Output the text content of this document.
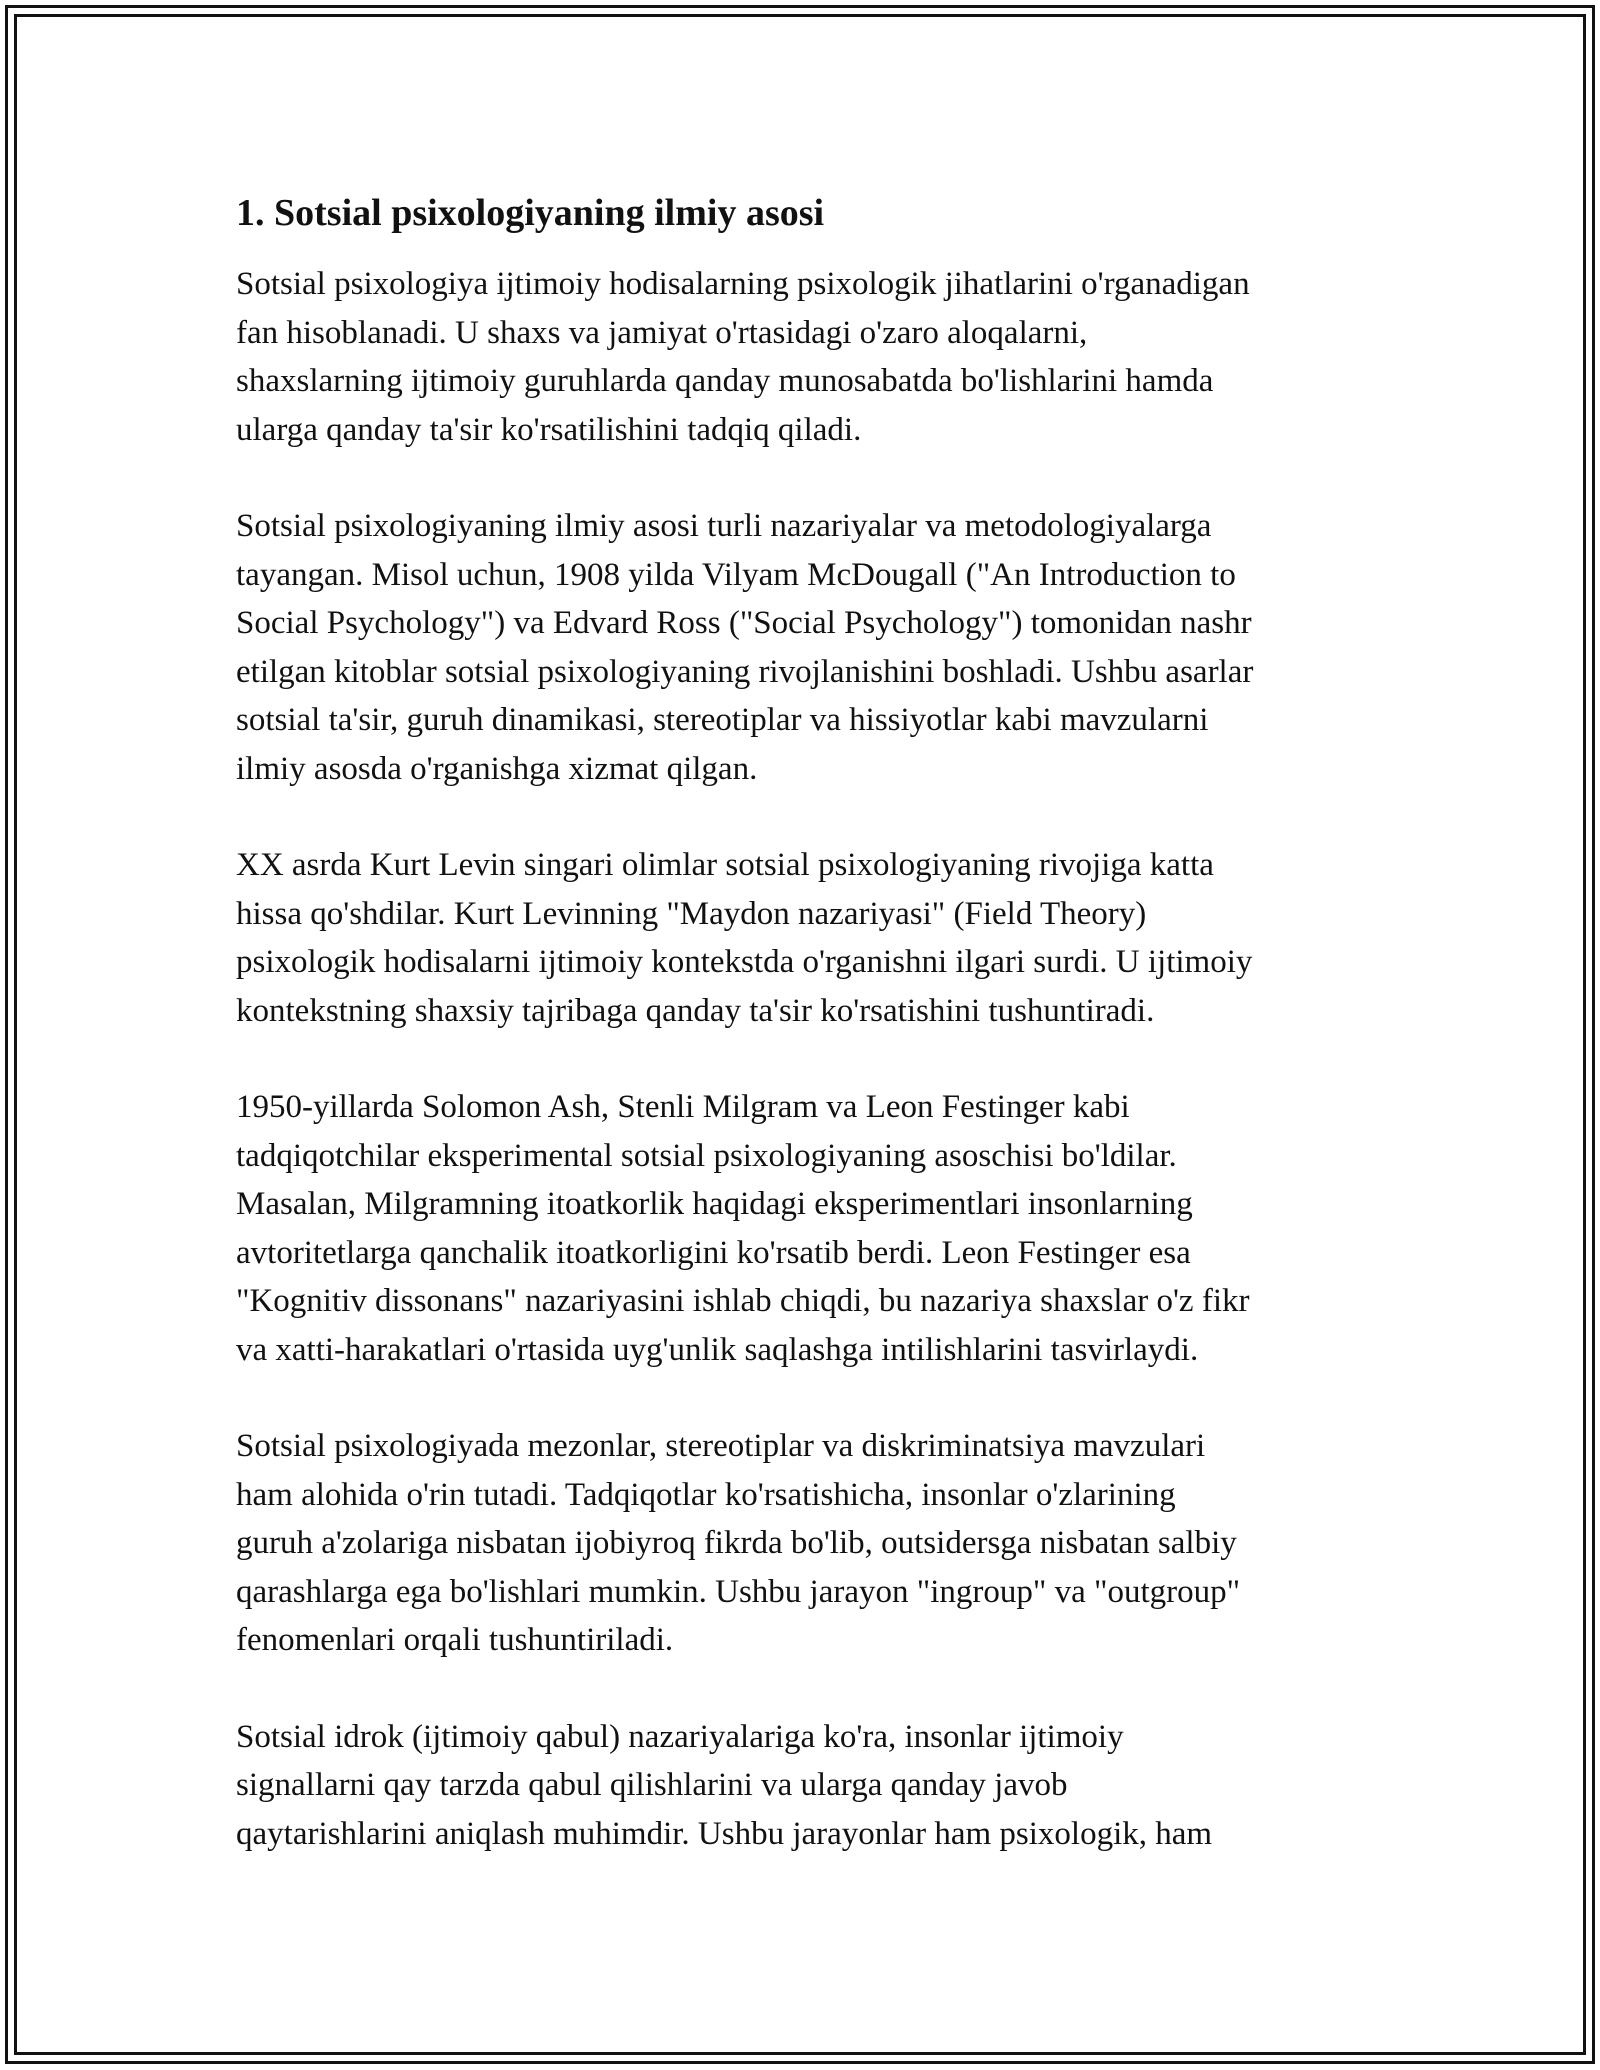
1. Sotsial psixologiyaning ilmiy asosi

Sotsial psixologiya ijtimoiy hodisalarning psixologik jihatlarini o'rganadigan
fan hisoblanadi. U shaxs va jamiyat o'rtasidagi o'zaro aloqalarni,
shaxslarning ijtimoiy guruhlarda qanday munosabatda bo'lishlarini hamda
ularga qanday ta'sir ko'rsatilishini tadqiq qiladi.

Sotsial psixologiyaning ilmiy asosi turli nazariyalar va metodologiyalarga
tayangan. Misol uchun, 1908 yilda Vilyam McDougall ("An Introduction to
Social Psychology") va Edvard Ross ("Social Psychology") tomonidan nashr
etilgan kitoblar sotsial psixologiyaning rivojlanishini boshladi. Ushbu asarlar
sotsial ta'sir, guruh dinamikasi, stereotiplar va hissiyotlar kabi mavzularni
ilmiy asosda o'rganishga xizmat qilgan.

XX asrda Kurt Levin singari olimlar sotsial psixologiyaning rivojiga katta
hissa qo'shdilar. Kurt Levinning "Maydon nazariyasi" (Field Theory)
psixologik hodisalarni ijtimoiy kontekstda o'rganishni ilgari surdi. U ijtimoiy
kontekstning shaxsiy tajribaga qanday ta'sir ko'rsatishini tushuntiradi.

1950-yillarda Solomon Ash, Stenli Milgram va Leon Festinger kabi
tadqiqotchilar eksperimental sotsial psixologiyaning asoschisi bo'ldilar.
Masalan, Milgramning itoatkorlik haqidagi eksperimentlari insonlarning
avtoritetlarga qanchalik itoatkorligini ko'rsatib berdi. Leon Festinger esa
"Kognitiv dissonans" nazariyasini ishlab chiqdi, bu nazariya shaxslar o'z fikr
va xatti-harakatlari o'rtasida uyg'unlik saqlashga intilishlarini tasvirlaydi.

Sotsial psixologiyada mezonlar, stereotiplar va diskriminatsiya mavzulari
ham alohida o'rin tutadi. Tadqiqotlar ko'rsatishicha, insonlar o'zlarining
guruh a'zolariga nisbatan ijobiyroq fikrda bo'lib, outsidersga nisbatan salbiy
qarashlarga ega bo'lishlari mumkin. Ushbu jarayon "ingroup" va "outgroup"
fenomenlari orqali tushuntiriladi.

Sotsial idrok (ijtimoiy qabul) nazariyalariga ko'ra, insonlar ijtimoiy
signallarni qay tarzda qabul qilishlarini va ularga qanday javob
qaytarishlarini aniqlash muhimdir. Ushbu jarayonlar ham psixologik, ham
